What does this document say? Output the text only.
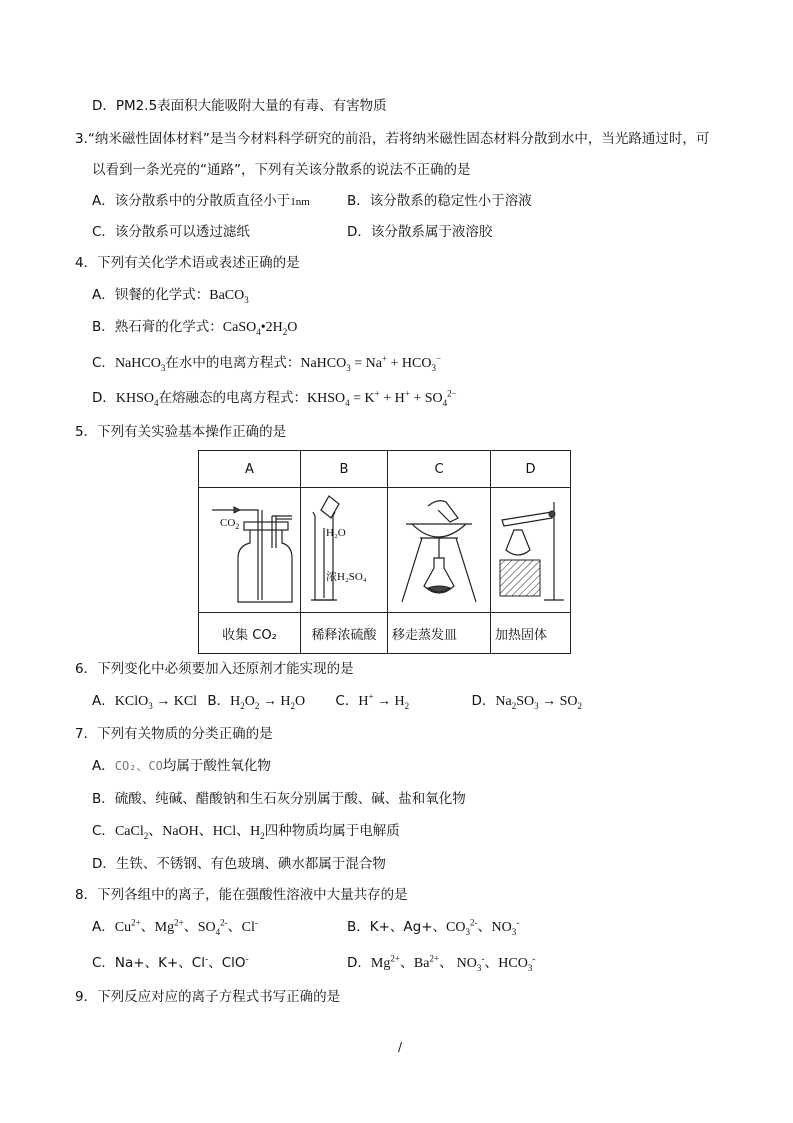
D．PM2.5表面积大能吸附大量的有毒、有害物质
3.“纳米磁性固体材料”是当今材料科学研究的前沿，若将纳米磁性固态材料分散到水中，当光路通过时，可
以看到一条光亮的“通路”，下列有关该分散系的说法不正确的是
A．该分散系中的分散质直径小于1nm	B．该分散系的稳定性小于溶液
C．该分散系可以透过滤纸	D．该分散系属于液溶胶
4．下列有关化学术语或表述正确的是
A．钡餐的化学式：BaCO$_3$
B．熟石膏的化学式：$CaSO_4•2H_2O$
C．NaHCO$_3$在水中的电离方程式：NaHCO$_3$ = $Na^+ + HCO_3^-$
D．$KHSO_4$在熔融态的电离方程式：$KHSO_4 = K^+ + H^+ + SO_4^{2-}$
5．下列有关实验基本操作正确的是
A	B	C	D

$CO_2$	H₂O
浓H₂SO₄

收集 CO₂	稀释浓硫酸	移走蒸发皿	加热固体
6．下列变化中必须要加入还原剂才能实现的是
A．KClO$_3$ → KCl B．$H_2O_2 \to H_2O$ C．$H^+ \to H_2$	D．$Na_2SO_3 \to SO_2$
7．下列有关物质的分类正确的是
A．CO₂、CO均属于酸性氧化物
B．硫酸、纯碱、醋酸钠和生石灰分别属于酸、碱、盐和氧化物
C．CaCl$_2$、NaOH、HCl、$H_2$四种物质均属于电解质
D．生铁、不锈钢、有色玻璃、碘水都属于混合物
8．下列各组中的离子，能在强酸性溶液中大量共存的是
A．$Cu^{2+}$、$Mg^{2+}$、$SO_4^{2-}$、Cl-	B．K+、Ag+、$CO_3^{2-}$、$NO_3^-$
C．Na+、K+、Cl-、ClO-	D．$Mg^{2+}$、$Ba^{2+}$、 $NO_3^-$、$HCO_3^-$
9．下列反应对应的离子方程式书写正确的是
/
